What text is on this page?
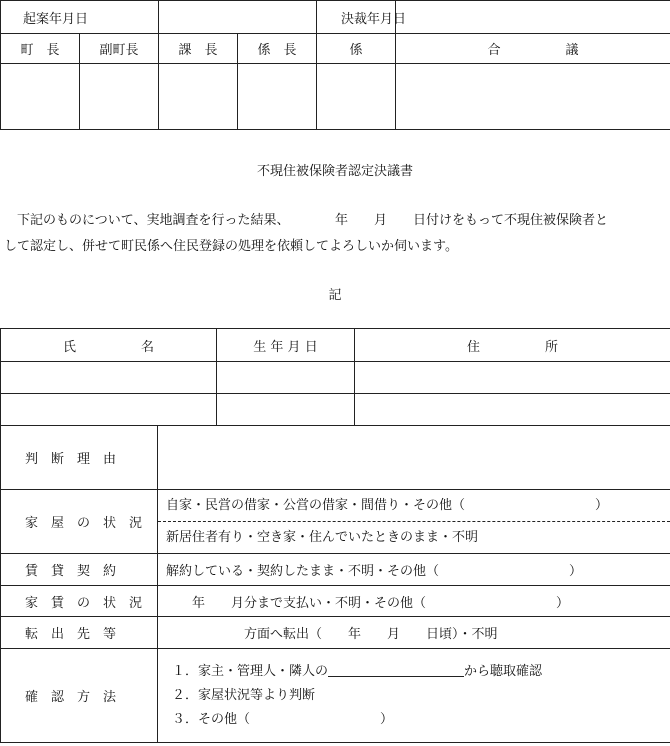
起案年月日				決裁年月日	
町　長	副町長	課　長	係　長	係	合　　　　　議

不現住被保険者認定決議書
　下記のものについて、実地調査を行った結果、　　　　年　　月　　日付けをもって不現住被保険者と
して認定し、併せて町民係へ住民登録の処理を依頼してよろしいか伺います。
記
氏　　　　　名	生 年 月 日	住　　　　　所

判　断　理　由	
家　屋　の　状　況	自家・民営の借家・公営の借家・間借り・その他（　　　　　　　　　　）
新居住者有り・空き家・住んでいたときのまま・不明

賃　貸　契　約	解約している・契約したまま・不明・その他（　　　　　　　　　　）
家　賃　の　状　況	　　年　　月分まで支払い・不明・その他（　　　　　　　　　　）
転　出　先　等	　　　　　　方面へ転出（　　年　　月　　日頃）・不明
確　認　方　法	１．家主・管理人・隣人の から聴取確認
２．家屋状況等より判断
３．その他（　　　　　　　　　　）
